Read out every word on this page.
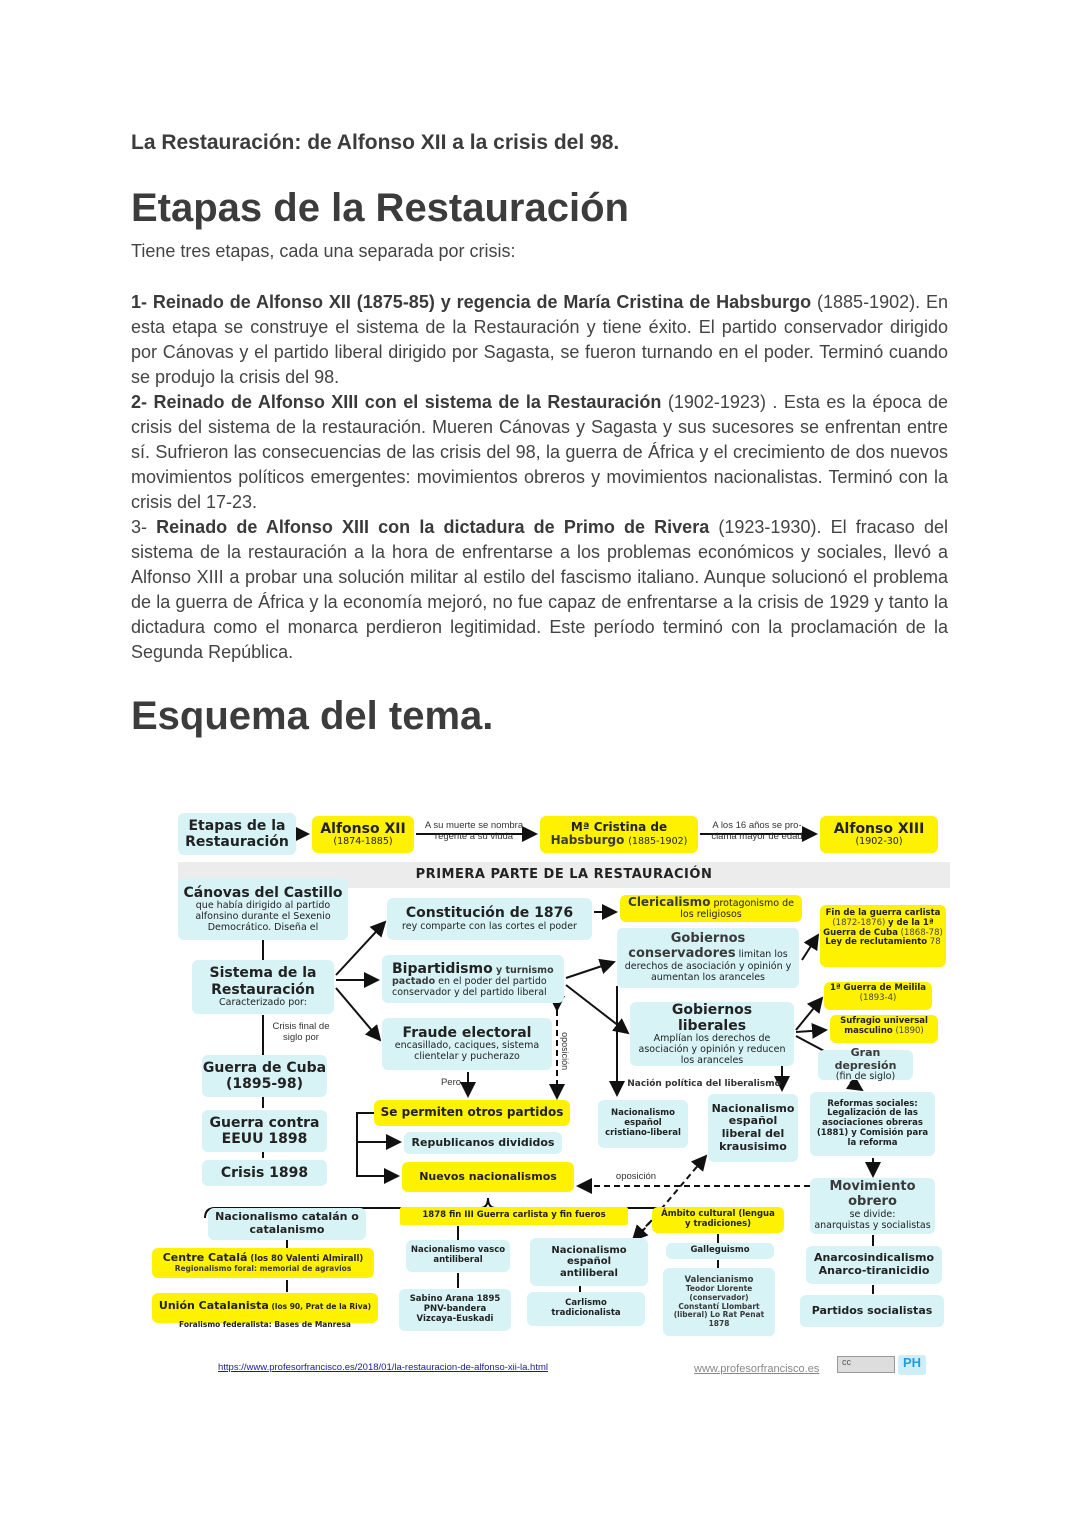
La Restauración: de Alfonso XII a la crisis del 98.
Etapas de la Restauración
Tiene tres etapas, cada una separada por crisis:

1- Reinado de Alfonso XII (1875-85) y regencia de María Cristina de Habsburgo (1885-1902). En esta etapa se construye el sistema de la Restauración y tiene éxito. El partido conservador dirigido por Cánovas y el partido liberal dirigido por Sagasta, se fueron turnando en el poder. Terminó cuando se produjo la crisis del 98.

2- Reinado de Alfonso XIII con el sistema de la Restauración (1902-1923) . Esta es la época de crisis del sistema de la restauración. Mueren Cánovas y Sagasta y sus sucesores se enfrentan entre sí. Sufrieron las consecuencias de las crisis del 98, la guerra de África y el crecimiento de dos nuevos movimientos políticos emergentes: movimientos obreros y movimientos nacionalistas. Terminó con la crisis del 17-23.

3- Reinado de Alfonso XIII con la dictadura de Primo de Rivera (1923-1930). El fracaso del sistema de la restauración a la hora de enfrentarse a los problemas económicos y sociales, llevó a Alfonso XIII a probar una solución militar al estilo del fascismo italiano. Aunque solucionó el problema de la guerra de África y la economía mejoró, no fue capaz de enfrentarse a la crisis de 1929 y tanto la dictadura como el monarca perdieron legitimidad. Este período terminó con la proclamación de la Segunda República.

Esquema del tema.
PRIMERA PARTE DE LA RESTAURACIÓN
Etapas de la Restauración
Alfonso XII
(1874-1885)
A su muerte se nombra
regente a su viuda
Mª Cristina de
Habsburgo (1885-1902)
A los 16 años se pro-
clama mayor de edad	Alfonso XIII
(1902-30)
Cánovas del Castillo
que había dirigido al partido alfonsino durante el Sexenio Democrático. Diseña el
Sistema de la Restauración
Caracterizado por:
Crisis final de siglo por
Guerra de Cuba (1895-98)
Guerra contra EEUU 1898
Crisis 1898
Constitución de 1876
rey comparte con las cortes el poder
Bipartidismo y turnismo
pactado en el poder del partido conservador y del partido liberal
Fraude electoral
encasillado, caciques, sistema clientelar y pucherazo	oposición
Pero
Se permiten otros partidos
Republicanos divididos
Nuevos nacionalismos
Clericalismo protagonismo de los religiosos
Gobiernos conservadores limitan los derechos de asociación y opinión y aumentan los aranceles
Gobiernos liberales
Amplían los derechos de asociación y opinión y reducen los aranceles
Fin de la guerra carlista (1872-1876) y de la 1ª Guerra de Cuba (1868-78) Ley de reclutamiento 78
1ª Guerra de Meilila (1893-4)
Sufragio universal masculino (1890)
Gran depresión
(fin de siglo)
Nación política del liberalismo
Nacionalismo español cristiano-liberal
Nacionalismo español liberal del krausisimo
Reformas sociales: Legalización de las asociaciones obreras (1881) y Comisión para la reforma
oposición
Movimiento obrero
se divide:
anarquistas y socialistas
Nacionalismo catalán o catalanismo
Centre Catalá (los 80 Valenti Almirall)
Regionalismo foral: memorial de agravios
Unión Catalanista (los 90, Prat de la Riva) Foralismo federalista: Bases de Manresa
1878 fin III Guerra carlista y fin fueros
Nacionalismo vasco antiliberal
Sabino Arana 1895 PNV-bandera Vizcaya-Euskadi
Nacionalismo español antiliberal
Carlismo tradicionalista
Ámbito cultural (lengua y tradiciones)
Galleguismo
Valencianismo
Teodor Llorente (conservador) Constantí Llombart (liberal) Lo Rat Penat 1878
Anarcosindicalismo Anarco-tiranicidio
Partidos socialistas
https://www.profesorfrancisco.es/2018/01/la-restauracion-de-alfonso-xii-la.html	www.profesorfrancisco.es
cc	PH
